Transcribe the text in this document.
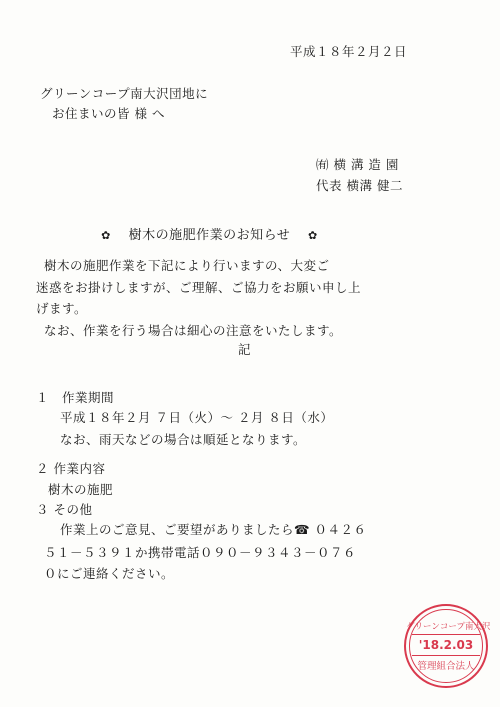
平成１８年２月２日
グリーンコープ南大沢団地に
お住まいの皆 様 へ
㈲ 横 溝 造 園
代表 横溝 健二
✿ 樹木の施肥作業のお知らせ ✿
樹木の施肥作業を下記により行いますの、大変ご
迷惑をお掛けしますが、ご理解、ご協力をお願い申し上
げます。
なお、作業を行う場合は細心の注意をいたします。
記
１　作業期間
平成１８年２月 ７日（火）～ ２月 ８日（水）
なお、雨天などの場合は順延となります。
２ 作業内容
樹木の施肥
３ その他
作業上のご意見、ご要望がありましたら☎ ０４２６
５１－５３９１か携帯電話０９０－９３４３－０７６
０にご連絡ください。
グリーンコープ南大沢
'18.2.03
管理組合法人
